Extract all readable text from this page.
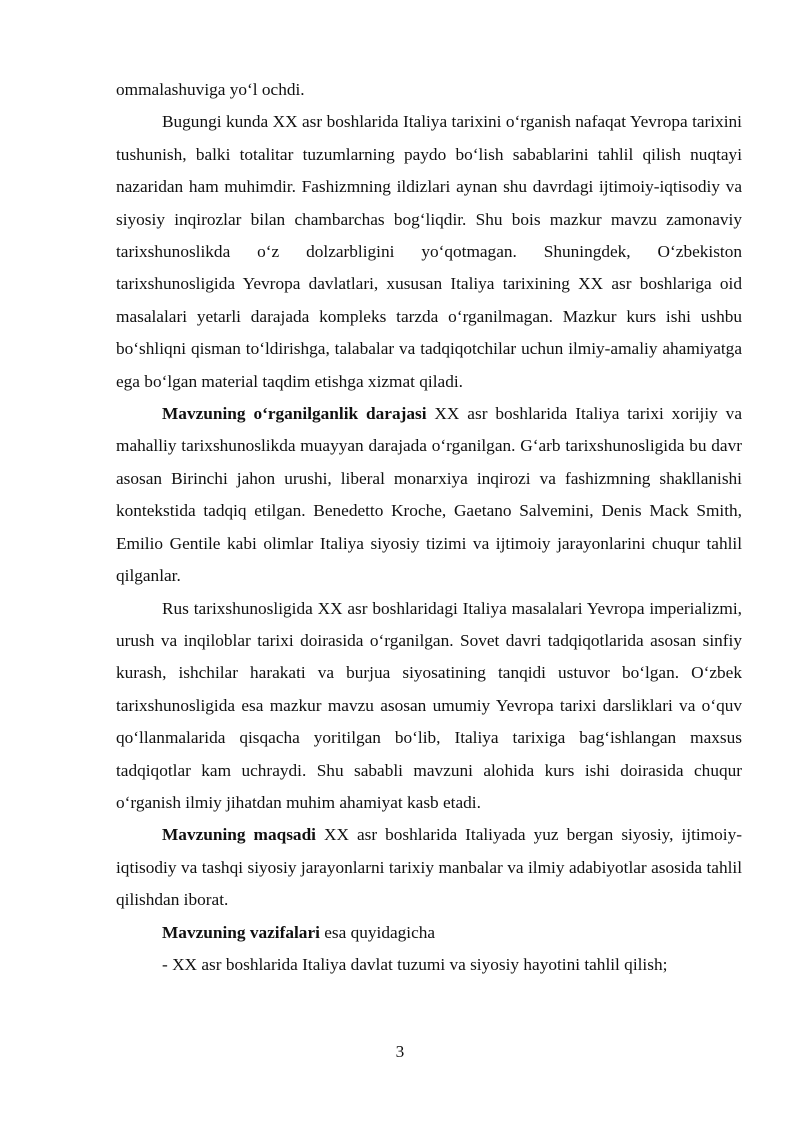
ommalashuviga yo‘l ochdi.

Bugungi kunda XX asr boshlarida Italiya tarixini o‘rganish nafaqat Yevropa tarixini tushunish, balki totalitar tuzumlarning paydo bo‘lish sabablarini tahlil qilish nuqtayi nazaridan ham muhimdir. Fashizmning ildizlari aynan shu davrdagi ijtimoiy-iqtisodiy va siyosiy inqirozlar bilan chambarchas bog‘liqdir. Shu bois mazkur mavzu zamonaviy tarixshunoslikda o‘z dolzarbligini yo‘qotmagan. Shuningdek, O‘zbekiston tarixshunosligida Yevropa davlatlari, xususan Italiya tarixining XX asr boshlariga oid masalalari yetarli darajada kompleks tarzda o‘rganilmagan. Mazkur kurs ishi ushbu bo‘shliqni qisman to‘ldirishga, talabalar va tadqiqotchilar uchun ilmiy-amaliy ahamiyatga ega bo‘lgan material taqdim etishga xizmat qiladi.

Mavzuning o‘rganilganlik darajasi XX asr boshlarida Italiya tarixi xorijiy va mahalliy tarixshunoslikda muayyan darajada o‘rganilgan. G‘arb tarixshunosligida bu davr asosan Birinchi jahon urushi, liberal monarxiya inqirozi va fashizmning shakllanishi kontekstida tadqiq etilgan. Benedetto Kroche, Gaetano Salvemini, Denis Mack Smith, Emilio Gentile kabi olimlar Italiya siyosiy tizimi va ijtimoiy jarayonlarini chuqur tahlil qilganlar.

Rus tarixshunosligida XX asr boshlaridagi Italiya masalalari Yevropa imperializmi, urush va inqiloblar tarixi doirasida o‘rganilgan. Sovet davri tadqiqotlarida asosan sinfiy kurash, ishchilar harakati va burjua siyosatining tanqidi ustuvor bo‘lgan. O‘zbek tarixshunosligida esa mazkur mavzu asosan umumiy Yevropa tarixi darsliklari va o‘quv qo‘llanmalarida qisqacha yoritilgan bo‘lib, Italiya tarixiga bag‘ishlangan maxsus tadqiqotlar kam uchraydi. Shu sababli mavzuni alohida kurs ishi doirasida chuqur o‘rganish ilmiy jihatdan muhim ahamiyat kasb etadi.

Mavzuning maqsadi XX asr boshlarida Italiyada yuz bergan siyosiy, ijtimoiy-iqtisodiy va tashqi siyosiy jarayonlarni tarixiy manbalar va ilmiy adabiyotlar asosida tahlil qilishdan iborat.

Mavzuning vazifalari esa quyidagicha

- XX asr boshlarida Italiya davlat tuzumi va siyosiy hayotini tahlil qilish;

3
